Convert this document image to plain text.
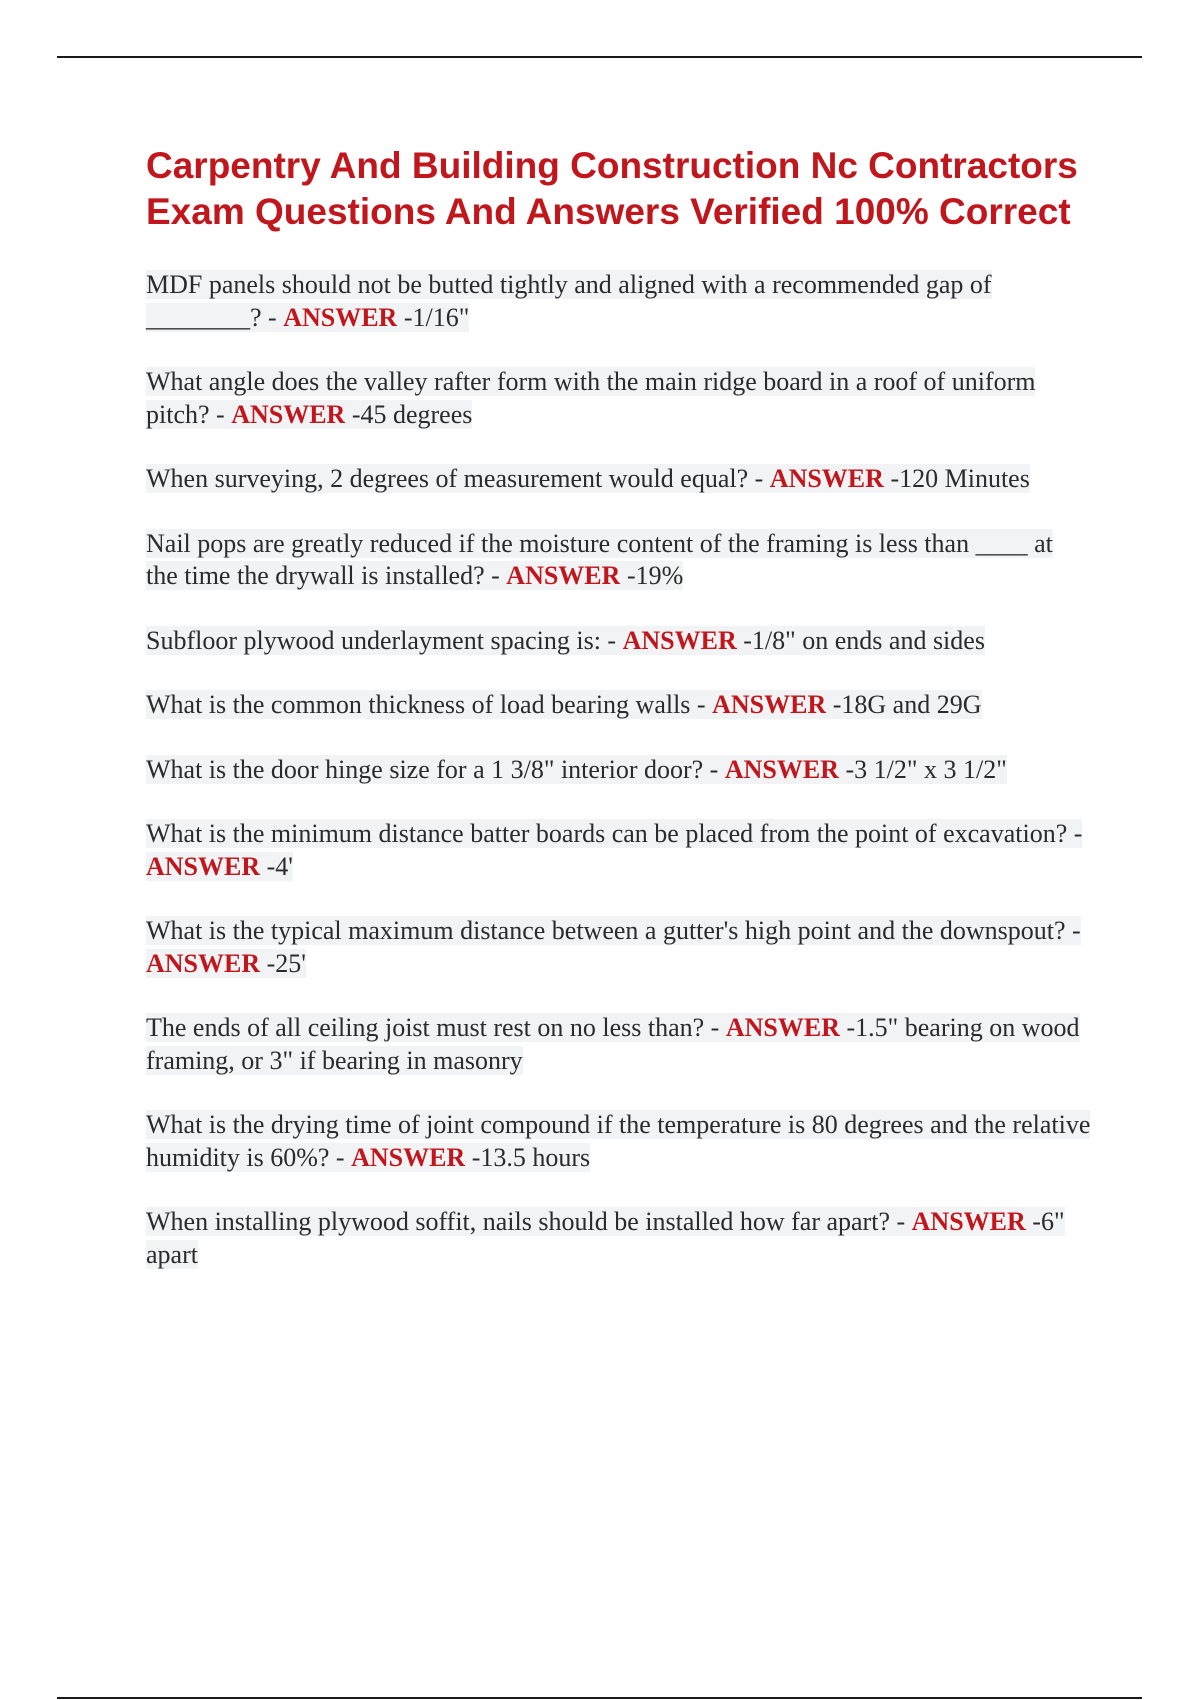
Carpentry And Building Construction Nc Contractors Exam Questions And Answers Verified 100% Correct
MDF panels should not be butted tightly and aligned with a recommended gap of ________? - ANSWER -1/16"
What angle does the valley rafter form with the main ridge board in a roof of uniform pitch? - ANSWER -45 degrees
When surveying, 2 degrees of measurement would equal? - ANSWER -120 Minutes
Nail pops are greatly reduced if the moisture content of the framing is less than ____ at the time the drywall is installed? - ANSWER -19%
Subfloor plywood underlayment spacing is: - ANSWER -1/8" on ends and sides
What is the common thickness of load bearing walls - ANSWER -18G and 29G
What is the door hinge size for a 1 3/8" interior door? - ANSWER -3 1/2" x 3 1/2"
What is the minimum distance batter boards can be placed from the point of excavation? - ANSWER -4'
What is the typical maximum distance between a gutter's high point and the downspout? - ANSWER -25'
The ends of all ceiling joist must rest on no less than? - ANSWER -1.5" bearing on wood framing, or 3" if bearing in masonry
What is the drying time of joint compound if the temperature is 80 degrees and the relative humidity is 60%? - ANSWER -13.5 hours
When installing plywood soffit, nails should be installed how far apart? - ANSWER -6" apart
